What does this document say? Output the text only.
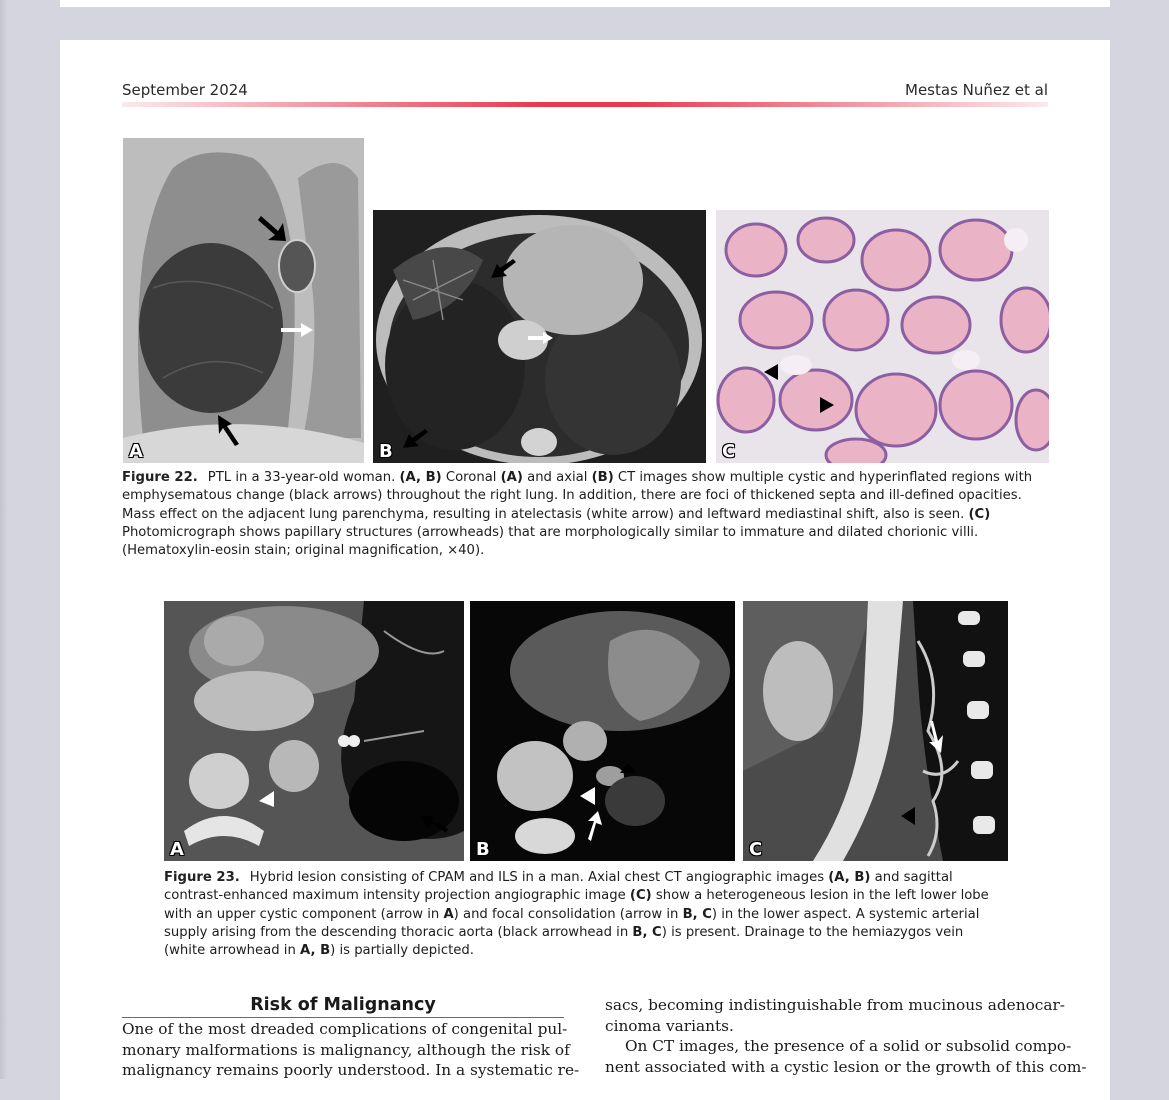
September 2024	Mestas Nuñez et al
A	B	C
Figure 22. PTL in a 33-year-old woman. (A, B) Coronal (A) and axial (B) CT images show multiple cystic and hyperinflated regions with emphysematous change (black arrows) throughout the right lung. In addition, there are foci of thickened septa and ill-defined opacities. Mass effect on the adjacent lung parenchyma, resulting in atelectasis (white arrow) and leftward mediastinal shift, also is seen. (C) Photomicrograph shows papillary structures (arrowheads) that are morphologically similar to immature and dilated chorionic villi. (Hematoxylin-eosin stain; original magnification, ×40).
A	B	C
Figure 23. Hybrid lesion consisting of CPAM and ILS in a man. Axial chest CT angiographic images (A, B) and sagittal contrast-enhanced maximum intensity projection angiographic image (C) show a heterogeneous lesion in the left lower lobe with an upper cystic component (arrow in A) and focal consolidation (arrow in B, C) in the lower aspect. A systemic arterial supply arising from the descending thoracic aorta (black arrowhead in B, C) is present. Drainage to the hemiazygos vein (white arrowhead in A, B) is partially depicted.
Risk of Malignancy
One of the most dreaded complications of congenital pul-
monary malformations is malignancy, although the risk of
malignancy remains poorly understood. In a systematic re-
sacs, becoming indistinguishable from mucinous adenocar-
cinoma variants.
On CT images, the presence of a solid or subsolid compo-
nent associated with a cystic lesion or the growth of this com-
